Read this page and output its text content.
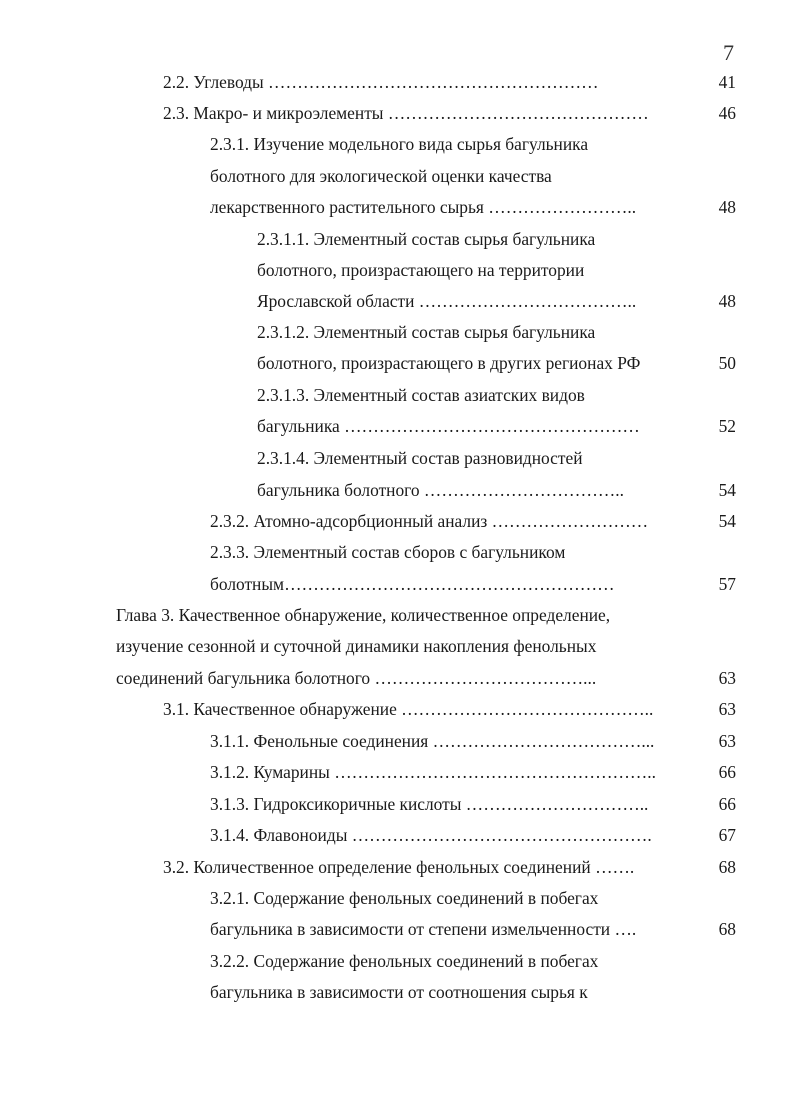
7
2.2. Углеводы …………………………………………………	41
2.3. Макро- и микроэлементы ………………………………………	46
2.3.1. Изучение модельного вида сырья багульника
болотного для экологической оценки качества
лекарственного растительного сырья ……………………..	48
2.3.1.1. Элементный состав сырья багульника
болотного, произрастающего на территории
Ярославской области ………………………………..	48
2.3.1.2. Элементный состав сырья багульника
болотного, произрастающего в других регионах РФ	50
2.3.1.3. Элементный состав азиатских видов
багульника ……………………………………………	52
2.3.1.4. Элементный состав разновидностей
багульника болотного ……………………………..	54
2.3.2. Атомно-адсорбционный анализ ………………………	54
2.3.3. Элементный состав сборов с багульником
болотным…………………………………………………	57
Глава 3. Качественное обнаружение, количественное определение,
изучение сезонной и суточной динамики накопления фенольных
соединений багульника болотного ………………………………...	63
3.1. Качественное обнаружение ……………………………………..	63
3.1.1. Фенольные соединения ………………………………...	63
3.1.2. Кумарины ………………………………………………..	66
3.1.3. Гидроксикоричные кислоты …………………………..	66
3.1.4. Флавоноиды …………………………………………….	67
3.2. Количественное определение фенольных соединений …….	68
3.2.1. Содержание фенольных соединений в побегах
багульника в зависимости от степени измельченности ….	68
3.2.2. Содержание фенольных соединений в побегах
багульника в зависимости от соотношения сырья к
